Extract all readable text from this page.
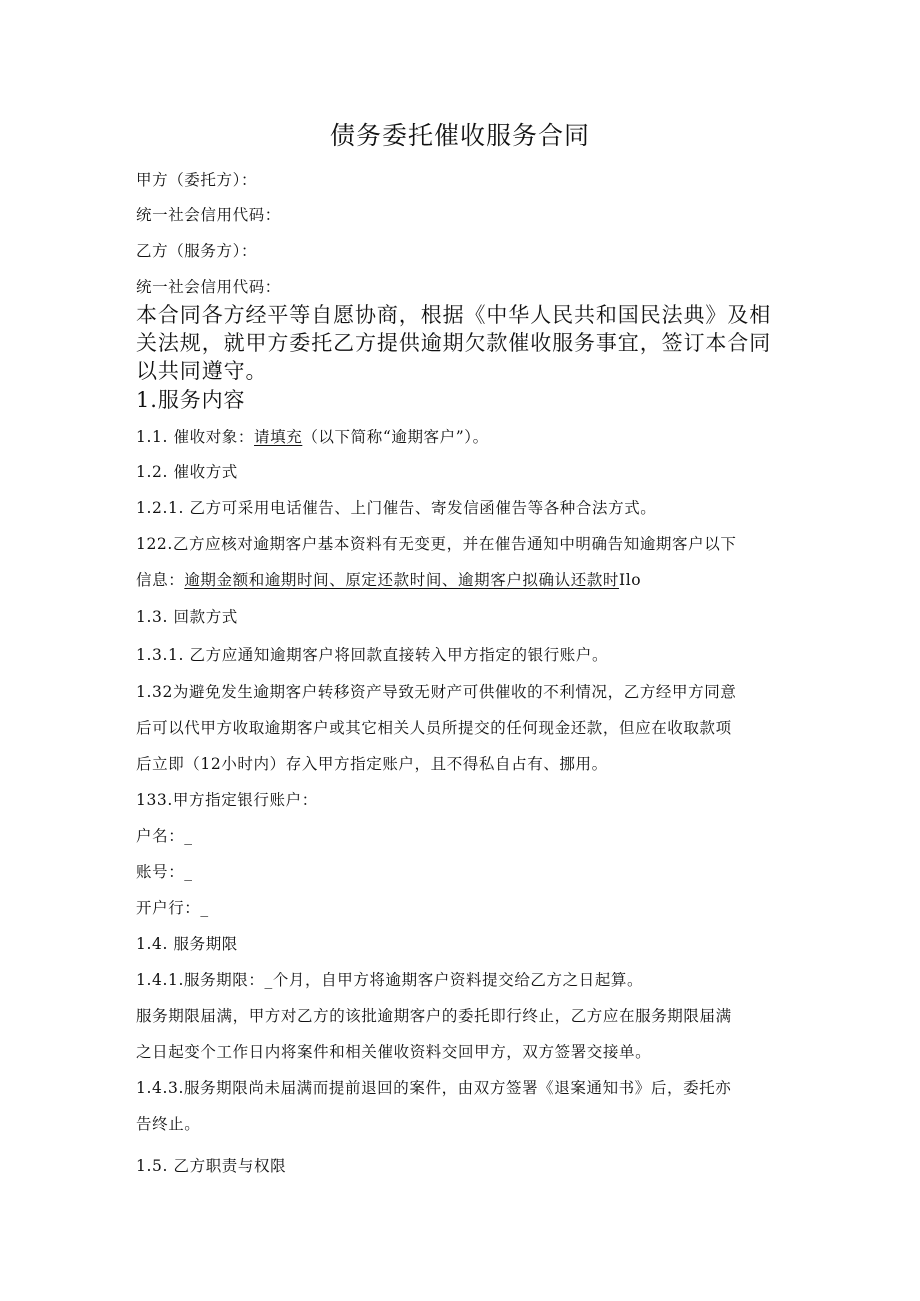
债务委托催收服务合同
甲方（委托方）：
统一社会信用代码：
乙方（服务方）：
统一社会信用代码：
本合同各方经平等自愿协商，根据《中华人民共和国民法典》及相
关法规，就甲方委托乙方提供逾期欠款催收服务事宜，签订本合同
以共同遵守。
1.服务内容
1.1. 催收对象：请填充（以下简称“逾期客户”）。
1.2. 催收方式
1.2.1. 乙方可采用电话催告、上门催告、寄发信函催告等各种合法方式。
122.乙方应核对逾期客户基本资料有无变更，并在催告通知中明确告知逾期客户以下
信息：逾期金额和逾期时间、原定还款时间、逾期客户拟确认还款时Ilo
1.3. 回款方式
1.3.1. 乙方应通知逾期客户将回款直接转入甲方指定的银行账户。
1.32为避免发生逾期客户转移资产导致无财产可供催收的不利情况，乙方经甲方同意
后可以代甲方收取逾期客户或其它相关人员所提交的任何现金还款，但应在收取款项
后立即（12小时内）存入甲方指定账户，且不得私自占有、挪用。
133.甲方指定银行账户：
户名：_
账号：_
开户行：_
1.4. 服务期限
1.4.1.服务期限：_个月，自甲方将逾期客户资料提交给乙方之日起算。
服务期限届满，甲方对乙方的该批逾期客户的委托即行终止，乙方应在服务期限届满
之日起变个工作日内将案件和相关催收资料交回甲方，双方签署交接单。
1.4.3.服务期限尚未届满而提前退回的案件，由双方签署《退案通知书》后，委托亦
告终止。
1.5. 乙方职责与权限
